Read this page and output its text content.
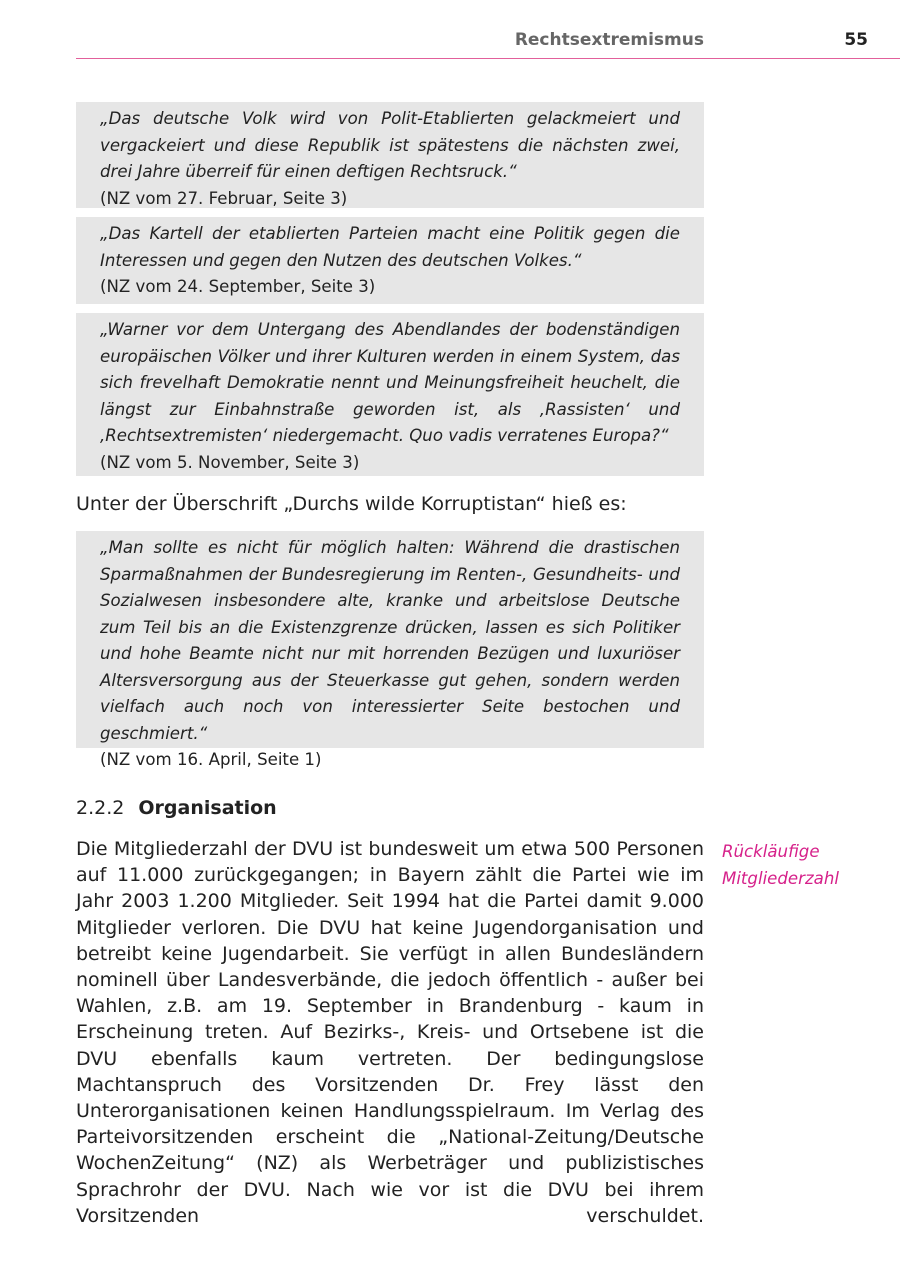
Rechtsextremismus	55
„Das deutsche Volk wird von Polit-Etablierten gelackmeiert und vergackeiert und diese Republik ist spätestens die nächsten zwei, drei Jahre überreif für einen deftigen Rechtsruck.“
(NZ vom 27. Februar, Seite 3)
„Das Kartell der etablierten Parteien macht eine Politik gegen die Interessen und gegen den Nutzen des deutschen Volkes.“
(NZ vom 24. September, Seite 3)
„Warner vor dem Untergang des Abendlandes der bodenständigen europäischen Völker und ihrer Kulturen werden in einem System, das sich frevelhaft Demokratie nennt und Meinungsfreiheit heuchelt, die längst zur Einbahnstraße geworden ist, als ‚Rassisten‘ und ‚Rechtsextremisten‘ niedergemacht. Quo vadis verratenes Europa?“
(NZ vom 5. November, Seite 3)
Unter der Überschrift „Durchs wilde Korruptistan“ hieß es:
„Man sollte es nicht für möglich halten: Während die drastischen Sparmaßnahmen der Bundesregierung im Renten-, Gesundheits- und Sozialwesen insbesondere alte, kranke und arbeitslose Deutsche zum Teil bis an die Existenzgrenze drücken, lassen es sich Politiker und hohe Beamte nicht nur mit horrenden Bezügen und luxuriöser Altersversorgung aus der Steuerkasse gut gehen, sondern werden vielfach auch noch von interessierter Seite bestochen und geschmiert.“
(NZ vom 16. April, Seite 1)
2.2.2 Organisation
Die Mitgliederzahl der DVU ist bundesweit um etwa 500 Personen auf 11.000 zurückgegangen; in Bayern zählt die Partei wie im Jahr 2003 1.200 Mitglieder. Seit 1994 hat die Partei damit 9.000 Mitglieder verloren. Die DVU hat keine Jugendorganisation und betreibt keine Jugendarbeit. Sie verfügt in allen Bundesländern nominell über Landesverbände, die jedoch öffentlich - außer bei Wahlen, z.B. am 19. September in Brandenburg - kaum in Erscheinung treten. Auf Bezirks-, Kreis- und Ortsebene ist die DVU ebenfalls kaum vertreten. Der bedingungslose Machtanspruch des Vorsitzenden Dr. Frey lässt den Unterorganisationen keinen Handlungsspielraum. Im Verlag des Parteivorsitzenden erscheint die „National-Zeitung/Deutsche WochenZeitung“ (NZ) als Werbeträger und publizistisches Sprachrohr der DVU. Nach wie vor ist die DVU bei ihrem Vorsitzenden verschuldet.
Rückläufige
Mitgliederzahl
